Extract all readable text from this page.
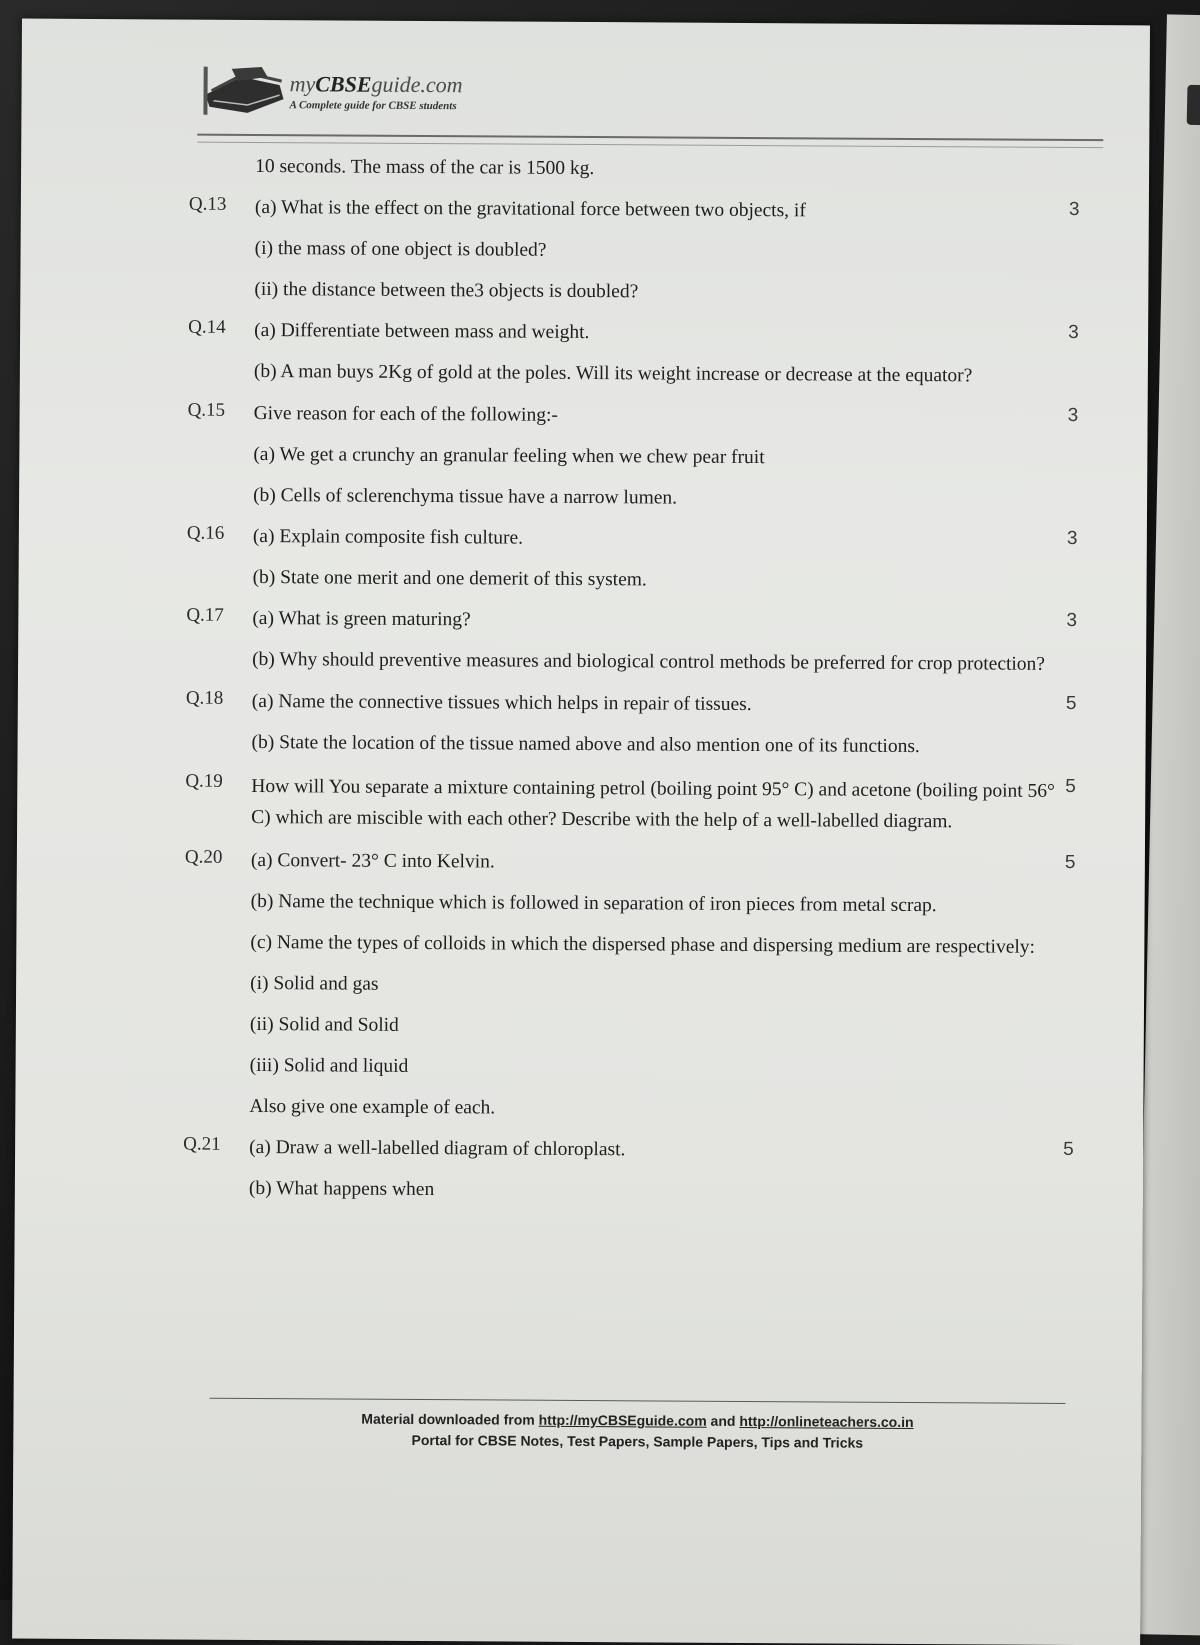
myCBSEguide.com
A Complete guide for CBSE students
10 seconds. The mass of the car is 1500 kg.
Q.13	3
(a) What is the effect on the gravitational force between two objects, if
(i) the mass of one object is doubled?
(ii) the distance between the3 objects is doubled?
Q.14	3
(a) Differentiate between mass and weight.
(b) A man buys 2Kg of gold at the poles. Will its weight increase or decrease at the equator?
Q.15	3
Give reason for each of the following:-
(a) We get a crunchy an granular feeling when we chew pear fruit
(b) Cells of sclerenchyma tissue have a narrow lumen.
Q.16	3
(a) Explain composite fish culture.
(b) State one merit and one demerit of this system.
Q.17	3
(a) What is green maturing?
(b) Why should preventive measures and biological control methods be preferred for crop protection?
Q.18	5
(a) Name the connective tissues which helps in repair of tissues.
(b) State the location of the tissue named above and also mention one of its functions.
Q.19	5
How will You separate a mixture containing petrol (boiling point 95° C) and acetone (boiling point 56° C) which are miscible with each other? Describe with the help of a well-labelled diagram.
Q.20	5
(a) Convert- 23° C into Kelvin.
(b) Name the technique which is followed in separation of iron pieces from metal scrap.
(c) Name the types of colloids in which the dispersed phase and dispersing medium are respectively:
(i) Solid and gas
(ii) Solid and Solid
(iii) Solid and liquid
Also give one example of each.
Q.21	5
(a) Draw a well-labelled diagram of chloroplast.
(b) What happens when
Material downloaded from http://myCBSEguide.com and http://onlineteachers.co.in
Portal for CBSE Notes, Test Papers, Sample Papers, Tips and Tricks
